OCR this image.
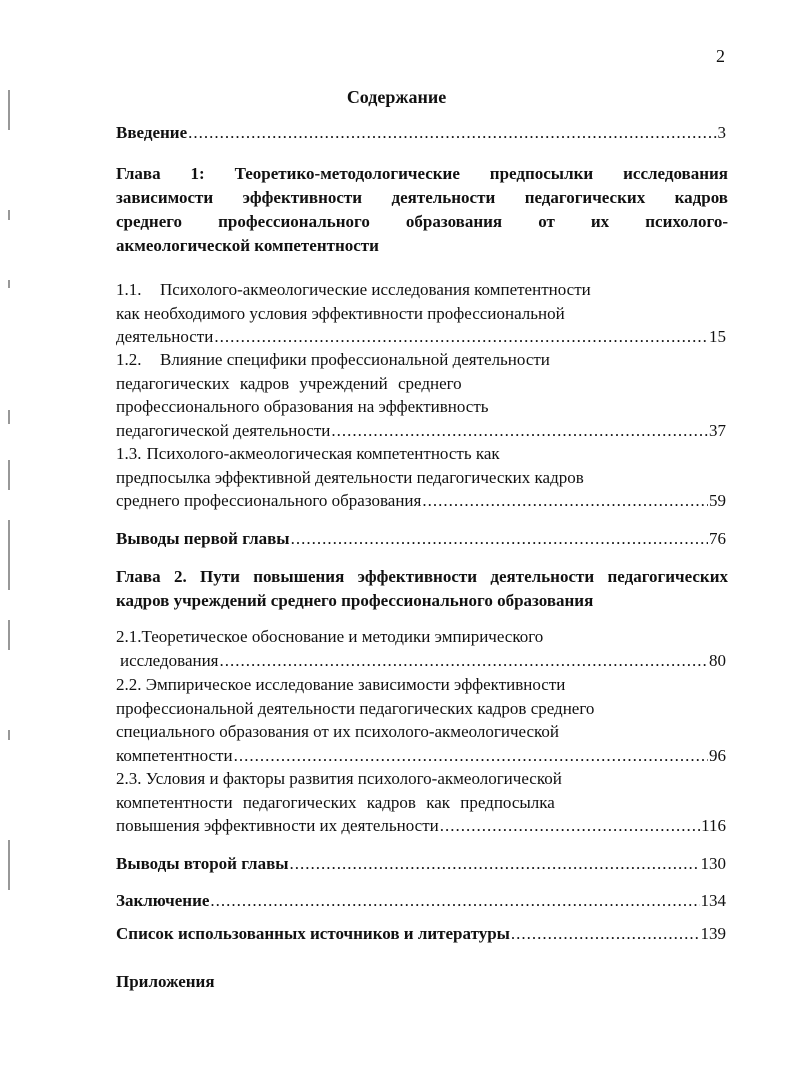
2
Содержание
Введение .....	3
Глава 1: Теоретико-методологические предпосылки исследования
зависимости эффективности деятельности педагогических кадров
среднего профессионального образования от их психолого-
акмеологической компетентности
1.1.	Психолого-акмеологические исследования компетентности
как необходимого условия эффективности профессиональной
деятельности .....	15
1.2.	Влияние специфики профессиональной деятельности
педагогических кадров учреждений среднего
профессионального образования на эффективность
педагогической деятельности .....	37
1.3. Психолого-акмеологическая компетентность как
предпосылка эффективной деятельности педагогических кадров
среднего профессионального образования .....	59
Выводы первой главы .....	76
Глава 2. Пути повышения эффективности деятельности педагогических
кадров учреждений среднего профессионального образования
2.1.Теоретическое обоснование и методики эмпирического
исследования .....	80
2.2. Эмпирическое исследование зависимости эффективности
профессиональной деятельности педагогических кадров среднего
специального образования от их психолого-акмеологической
компетентности .....	96
2.3. Условия и факторы развития психолого-акмеологической
компетентности педагогических кадров как предпосылка
повышения эффективности их деятельности .....	116
Выводы второй главы .....	130
Заключение .....	134
Список использованных источников и литературы .....	139
Приложения
